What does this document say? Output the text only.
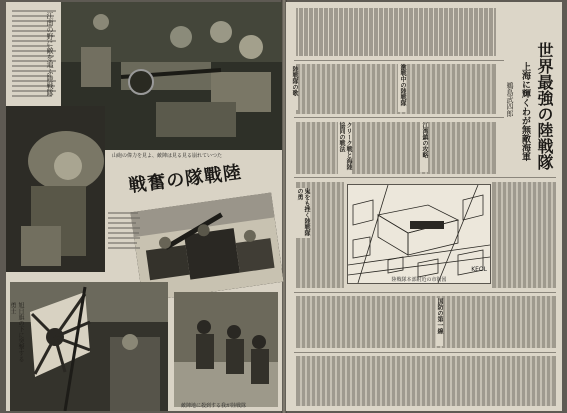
江南の野に敵を追ふ陸戦隊
山砲の偉力を見よ、敵陣は見る見る崩れていつた
戦奮の隊戰陸
旭日旗の下に突撃する勇士
敵陣地に殺到する我が陸戦隊
世界最強の陸戦隊
上海に輝くわが無敵海軍
鵜島武四郎
陸戦隊の歌
クリーク戦と海陸協同の戦法	江湾鎮の攻略
激戦中の陸戦隊
鬼をも挫く陸戦隊の勇
国防の第一線
KEOL
陸戦隊本部附近の市街図
